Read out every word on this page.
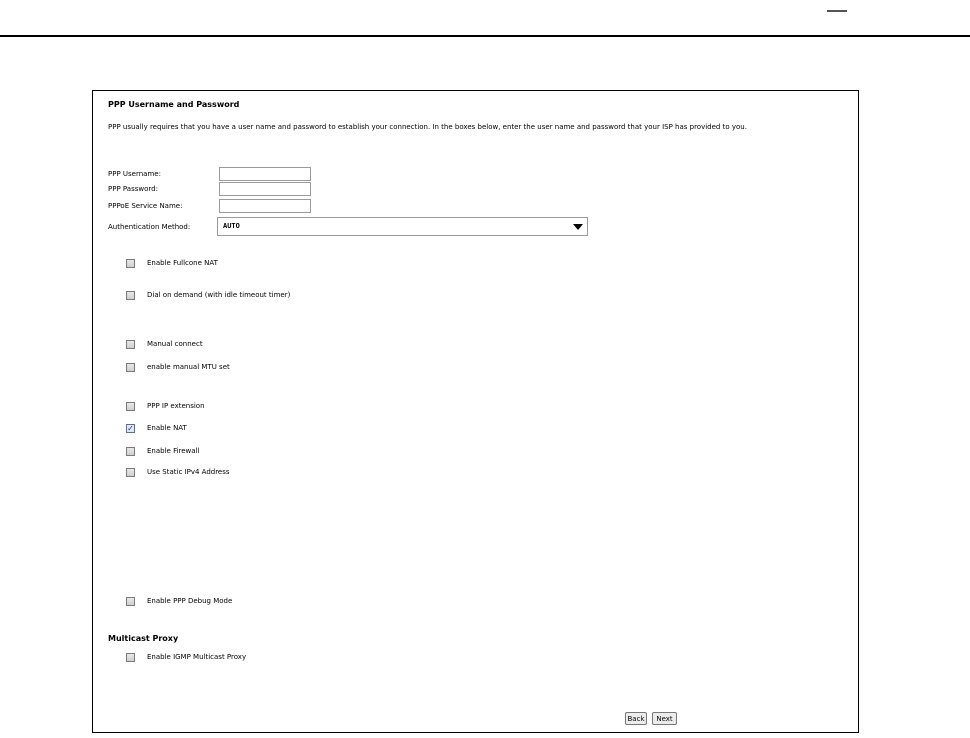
PPP Username and Password
PPP usually requires that you have a user name and password to establish your connection. In the boxes below, enter the user name and password that your ISP has provided to you.
PPP Username:
PPP Password:
PPPoE Service Name:
Authentication Method:	AUTO
Enable Fullcone NAT
Dial on demand (with idle timeout timer)
Manual connect
enable manual MTU set
PPP IP extension
✓ Enable NAT
Enable Firewall
Use Static IPv4 Address
Enable PPP Debug Mode
Multicast Proxy
Enable IGMP Multicast Proxy
Back	Next
